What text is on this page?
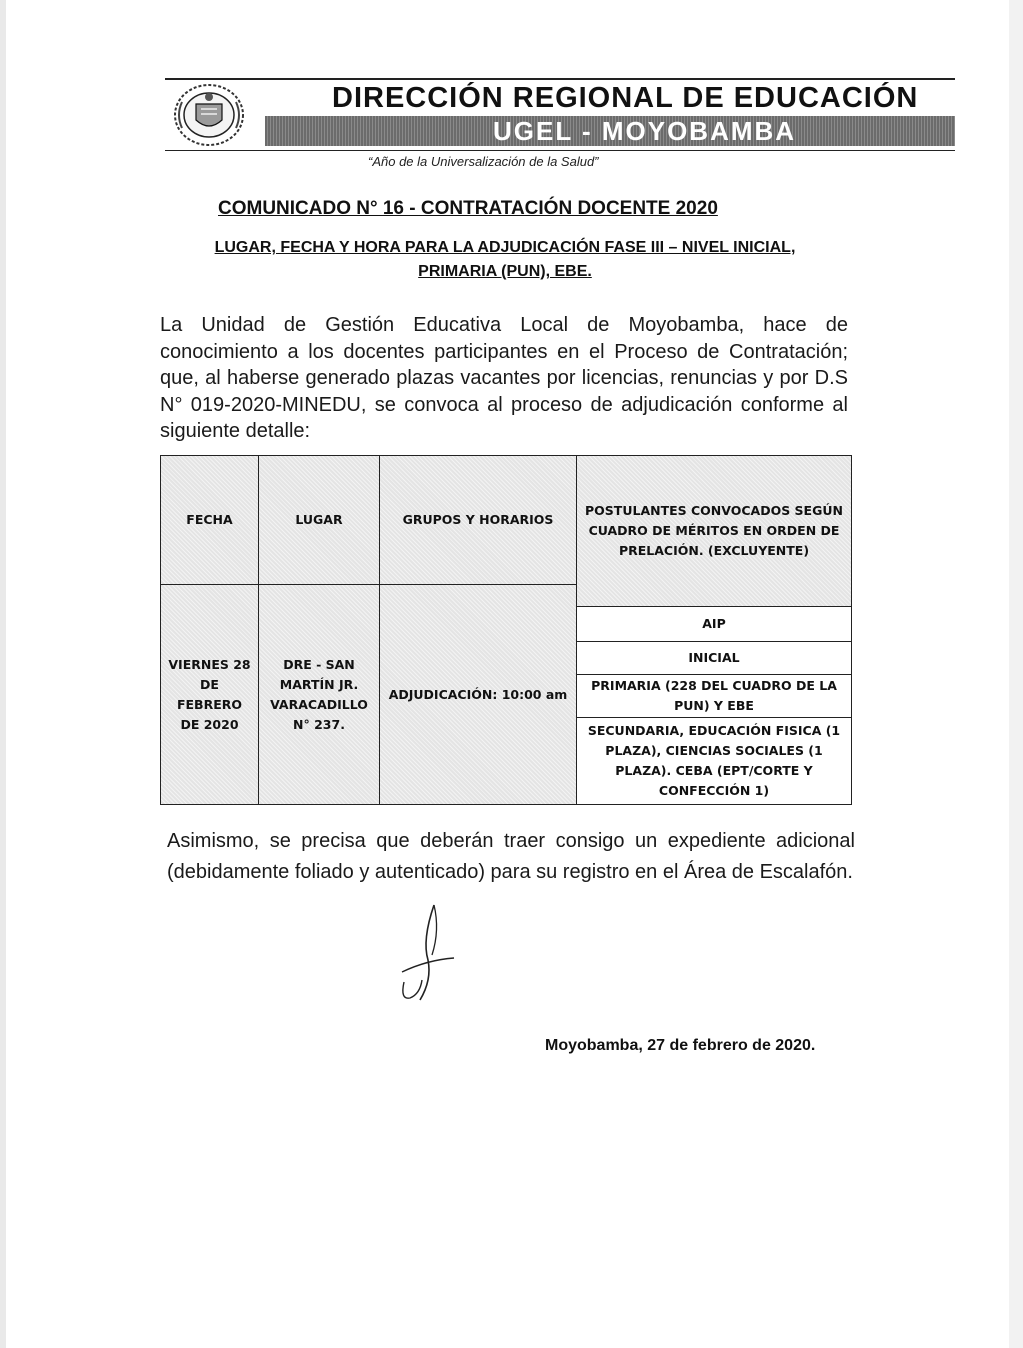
DIRECCIÓN REGIONAL DE EDUCACIÓN
UGEL - MOYOBAMBA
“Año de la Universalización de la Salud”
COMUNICADO N° 16 - CONTRATACIÓN DOCENTE 2020
LUGAR, FECHA Y HORA PARA LA ADJUDICACIÓN FASE III – NIVEL INICIAL,
PRIMARIA (PUN), EBE.
La Unidad de Gestión Educativa Local de Moyobamba, hace de conocimiento a los docentes participantes en el Proceso de Contratación; que, al haberse generado plazas vacantes por licencias, renuncias y por D.S N° 019-2020-MINEDU, se convoca al proceso de adjudicación conforme al siguiente detalle:
FECHA	LUGAR	GRUPOS Y HORARIOS
POSTULANTES CONVOCADOS SEGÚN CUADRO DE MÉRITOS EN ORDEN DE PRELACIÓN. (EXCLUYENTE)
VIERNES 28 DE FEBRERO DE 2020
DRE - SAN MARTÍN JR. VARACADILLO N° 237.
ADJUDICACIÓN: 10:00 am
AIP
INICIAL
PRIMARIA (228 DEL CUADRO DE LA PUN) Y EBE
SECUNDARIA, EDUCACIÓN FISICA (1 PLAZA), CIENCIAS SOCIALES (1 PLAZA). CEBA (EPT/CORTE Y CONFECCIÓN 1)
Asimismo, se precisa que deberán traer consigo un expediente adicional (debidamente foliado y autenticado) para su registro en el Área de Escalafón.
Moyobamba, 27 de febrero de 2020.
